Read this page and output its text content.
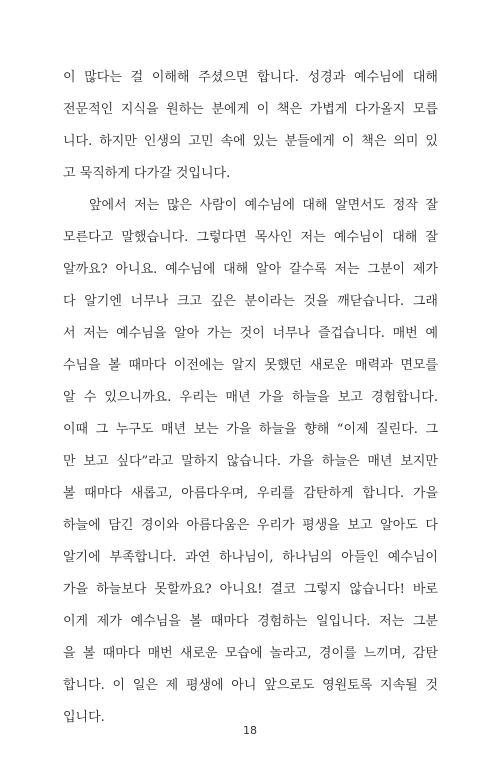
이 많다는 걸 이해해 주셨으면 합니다. 성경과 예수님에 대해
전문적인 지식을 원하는 분에게 이 책은 가볍게 다가올지 모릅
니다. 하지만 인생의 고민 속에 있는 분들에게 이 책은 의미 있
고 묵직하게 다가갈 것입니다.
앞에서 저는 많은 사람이 예수님에 대해 알면서도 정작 잘
모른다고 말했습니다. 그렇다면 목사인 저는 예수님이 대해 잘
알까요? 아니요. 예수님에 대해 알아 갈수록 저는 그분이 제가
다 알기엔 너무나 크고 깊은 분이라는 것을 깨닫습니다. 그래
서 저는 예수님을 알아 가는 것이 너무나 즐겁습니다. 매번 예
수님을 볼 때마다 이전에는 알지 못했던 새로운 매력과 면모를
알 수 있으니까요. 우리는 매년 가을 하늘을 보고 경험합니다.
이때 그 누구도 매년 보는 가을 하늘을 향해 “이제 질린다. 그
만 보고 싶다”라고 말하지 않습니다. 가을 하늘은 매년 보지만
볼 때마다 새롭고, 아름다우며, 우리를 감탄하게 합니다. 가을
하늘에 담긴 경이와 아름다움은 우리가 평생을 보고 알아도 다
알기에 부족합니다. 과연 하나님이, 하나님의 아들인 예수님이
가을 하늘보다 못할까요? 아니요! 결코 그렇지 않습니다! 바로
이게 제가 예수님을 볼 때마다 경험하는 일입니다. 저는 그분
을 볼 때마다 매번 새로운 모습에 놀라고, 경이를 느끼며, 감탄
합니다. 이 일은 제 평생에 아니 앞으로도 영원토록 지속될 것
입니다.
18
